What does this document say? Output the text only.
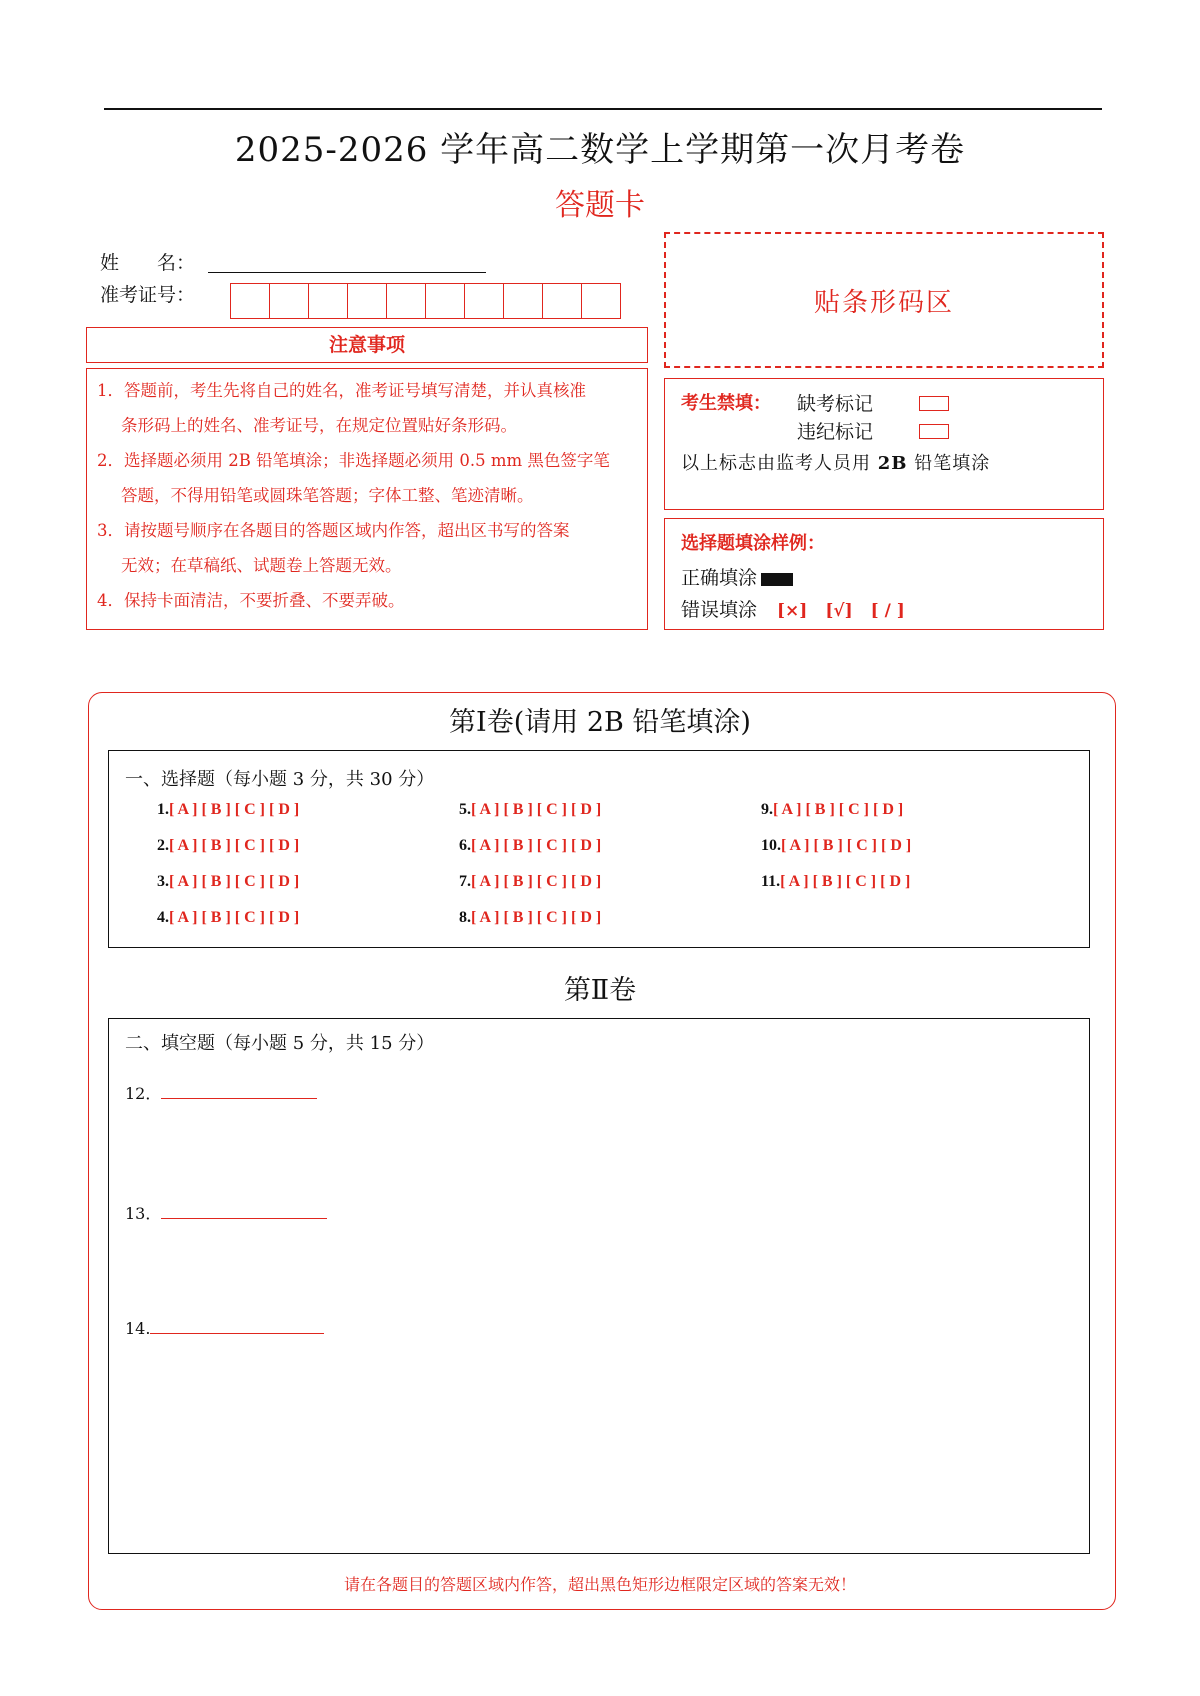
2025-2026 学年高二数学上学期第一次月考卷
答题卡
姓　　名：
准考证号：	贴条形码区
注意事项
1．答题前，考生先将自己的姓名，准考证号填写清楚，并认真核准
条形码上的姓名、准考证号，在规定位置贴好条形码。
2．选择题必须用 2B 铅笔填涂；非选择题必须用 0.5 mm 黑色签字笔
答题，不得用铅笔或圆珠笔答题；字体工整、笔迹清晰。
3．请按题号顺序在各题目的答题区域内作答，超出区书写的答案
无效；在草稿纸、试题卷上答题无效。
4．保持卡面清洁，不要折叠、不要弄破。
考生禁填： 缺考标记
违纪标记
以上标志由监考人员用 2B 铅笔填涂
选择题填涂样例：
正确填涂
错误填涂 [×] [√] [ / ]
第Ⅰ卷(请用 2B 铅笔填涂)
一、选择题（每小题 3 分，共 30 分）
1.[ A ] [ B ] [ C ] [ D ]
2.[ A ] [ B ] [ C ] [ D ]
3.[ A ] [ B ] [ C ] [ D ]
4.[ A ] [ B ] [ C ] [ D ]
5.[ A ] [ B ] [ C ] [ D ]
6.[ A ] [ B ] [ C ] [ D ]
7.[ A ] [ B ] [ C ] [ D ]
8.[ A ] [ B ] [ C ] [ D ]
9.[ A ] [ B ] [ C ] [ D ]
10.[ A ] [ B ] [ C ] [ D ]
11.[ A ] [ B ] [ C ] [ D ]
第Ⅱ卷
二、填空题（每小题 5 分，共 15 分）
12．
13．
14.
请在各题目的答题区域内作答，超出黑色矩形边框限定区域的答案无效！
